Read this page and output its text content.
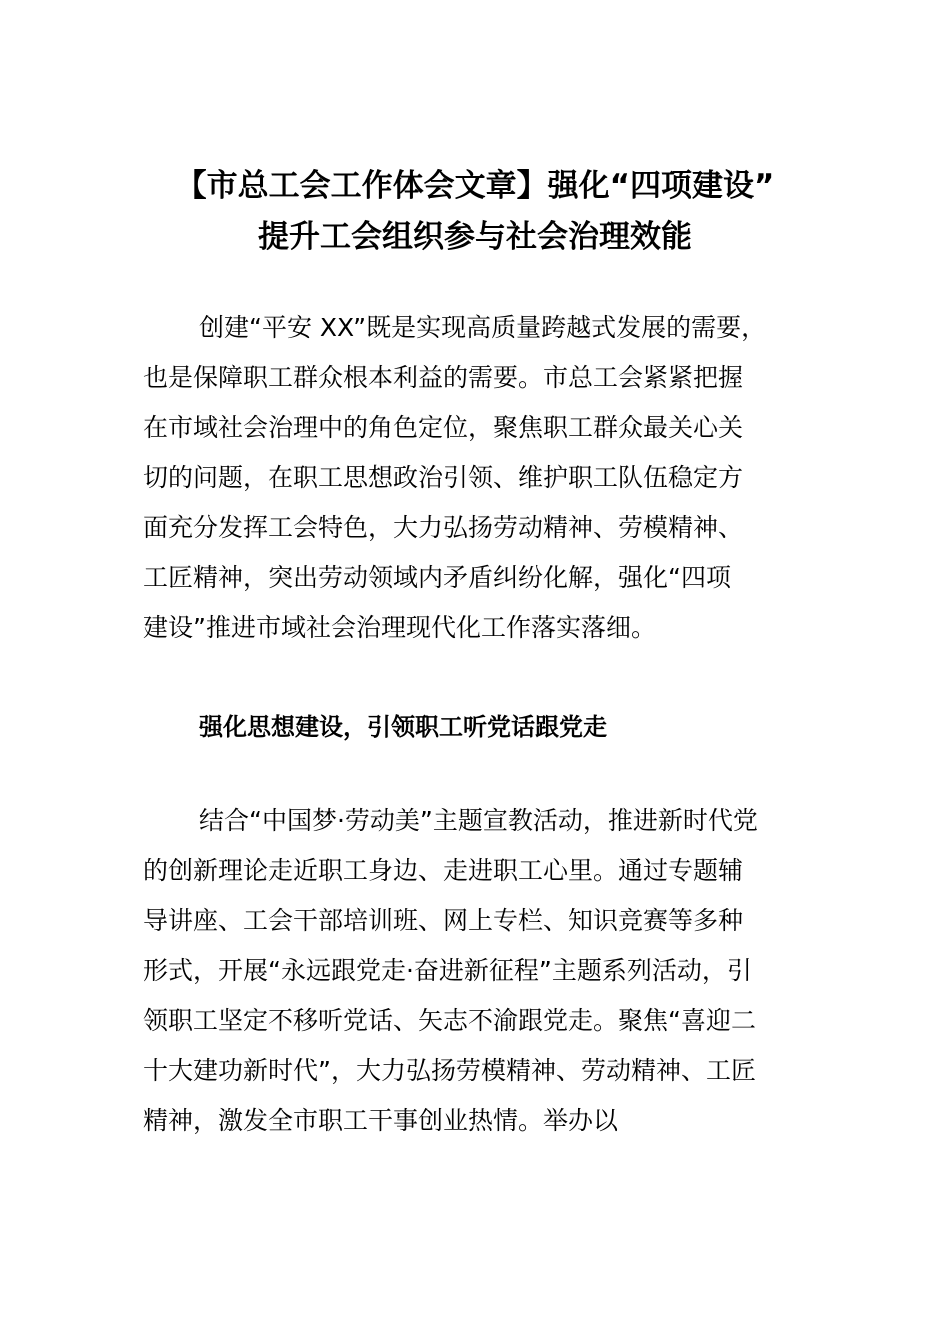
【市总工会工作体会文章】强化“四项建设”
提升工会组织参与社会治理效能
创建“平安 XX”既是实现高质量跨越式发展的需要，
也是保障职工群众根本利益的需要。市总工会紧紧把握
在市域社会治理中的角色定位，聚焦职工群众最关心关
切的问题，在职工思想政治引领、维护职工队伍稳定方
面充分发挥工会特色，大力弘扬劳动精神、劳模精神、
工匠精神，突出劳动领域内矛盾纠纷化解，强化“四项
建设”推进市域社会治理现代化工作落实落细。
强化思想建设，引领职工听党话跟党走
结合“中国梦·劳动美”主题宣教活动，推进新时代党
的创新理论走近职工身边、走进职工心里。通过专题辅
导讲座、工会干部培训班、网上专栏、知识竞赛等多种
形式，开展“永远跟党走·奋进新征程”主题系列活动，引
领职工坚定不移听党话、矢志不渝跟党走。聚焦“喜迎二
十大建功新时代”，大力弘扬劳模精神、劳动精神、工匠
精神，激发全市职工干事创业热情。举办以
